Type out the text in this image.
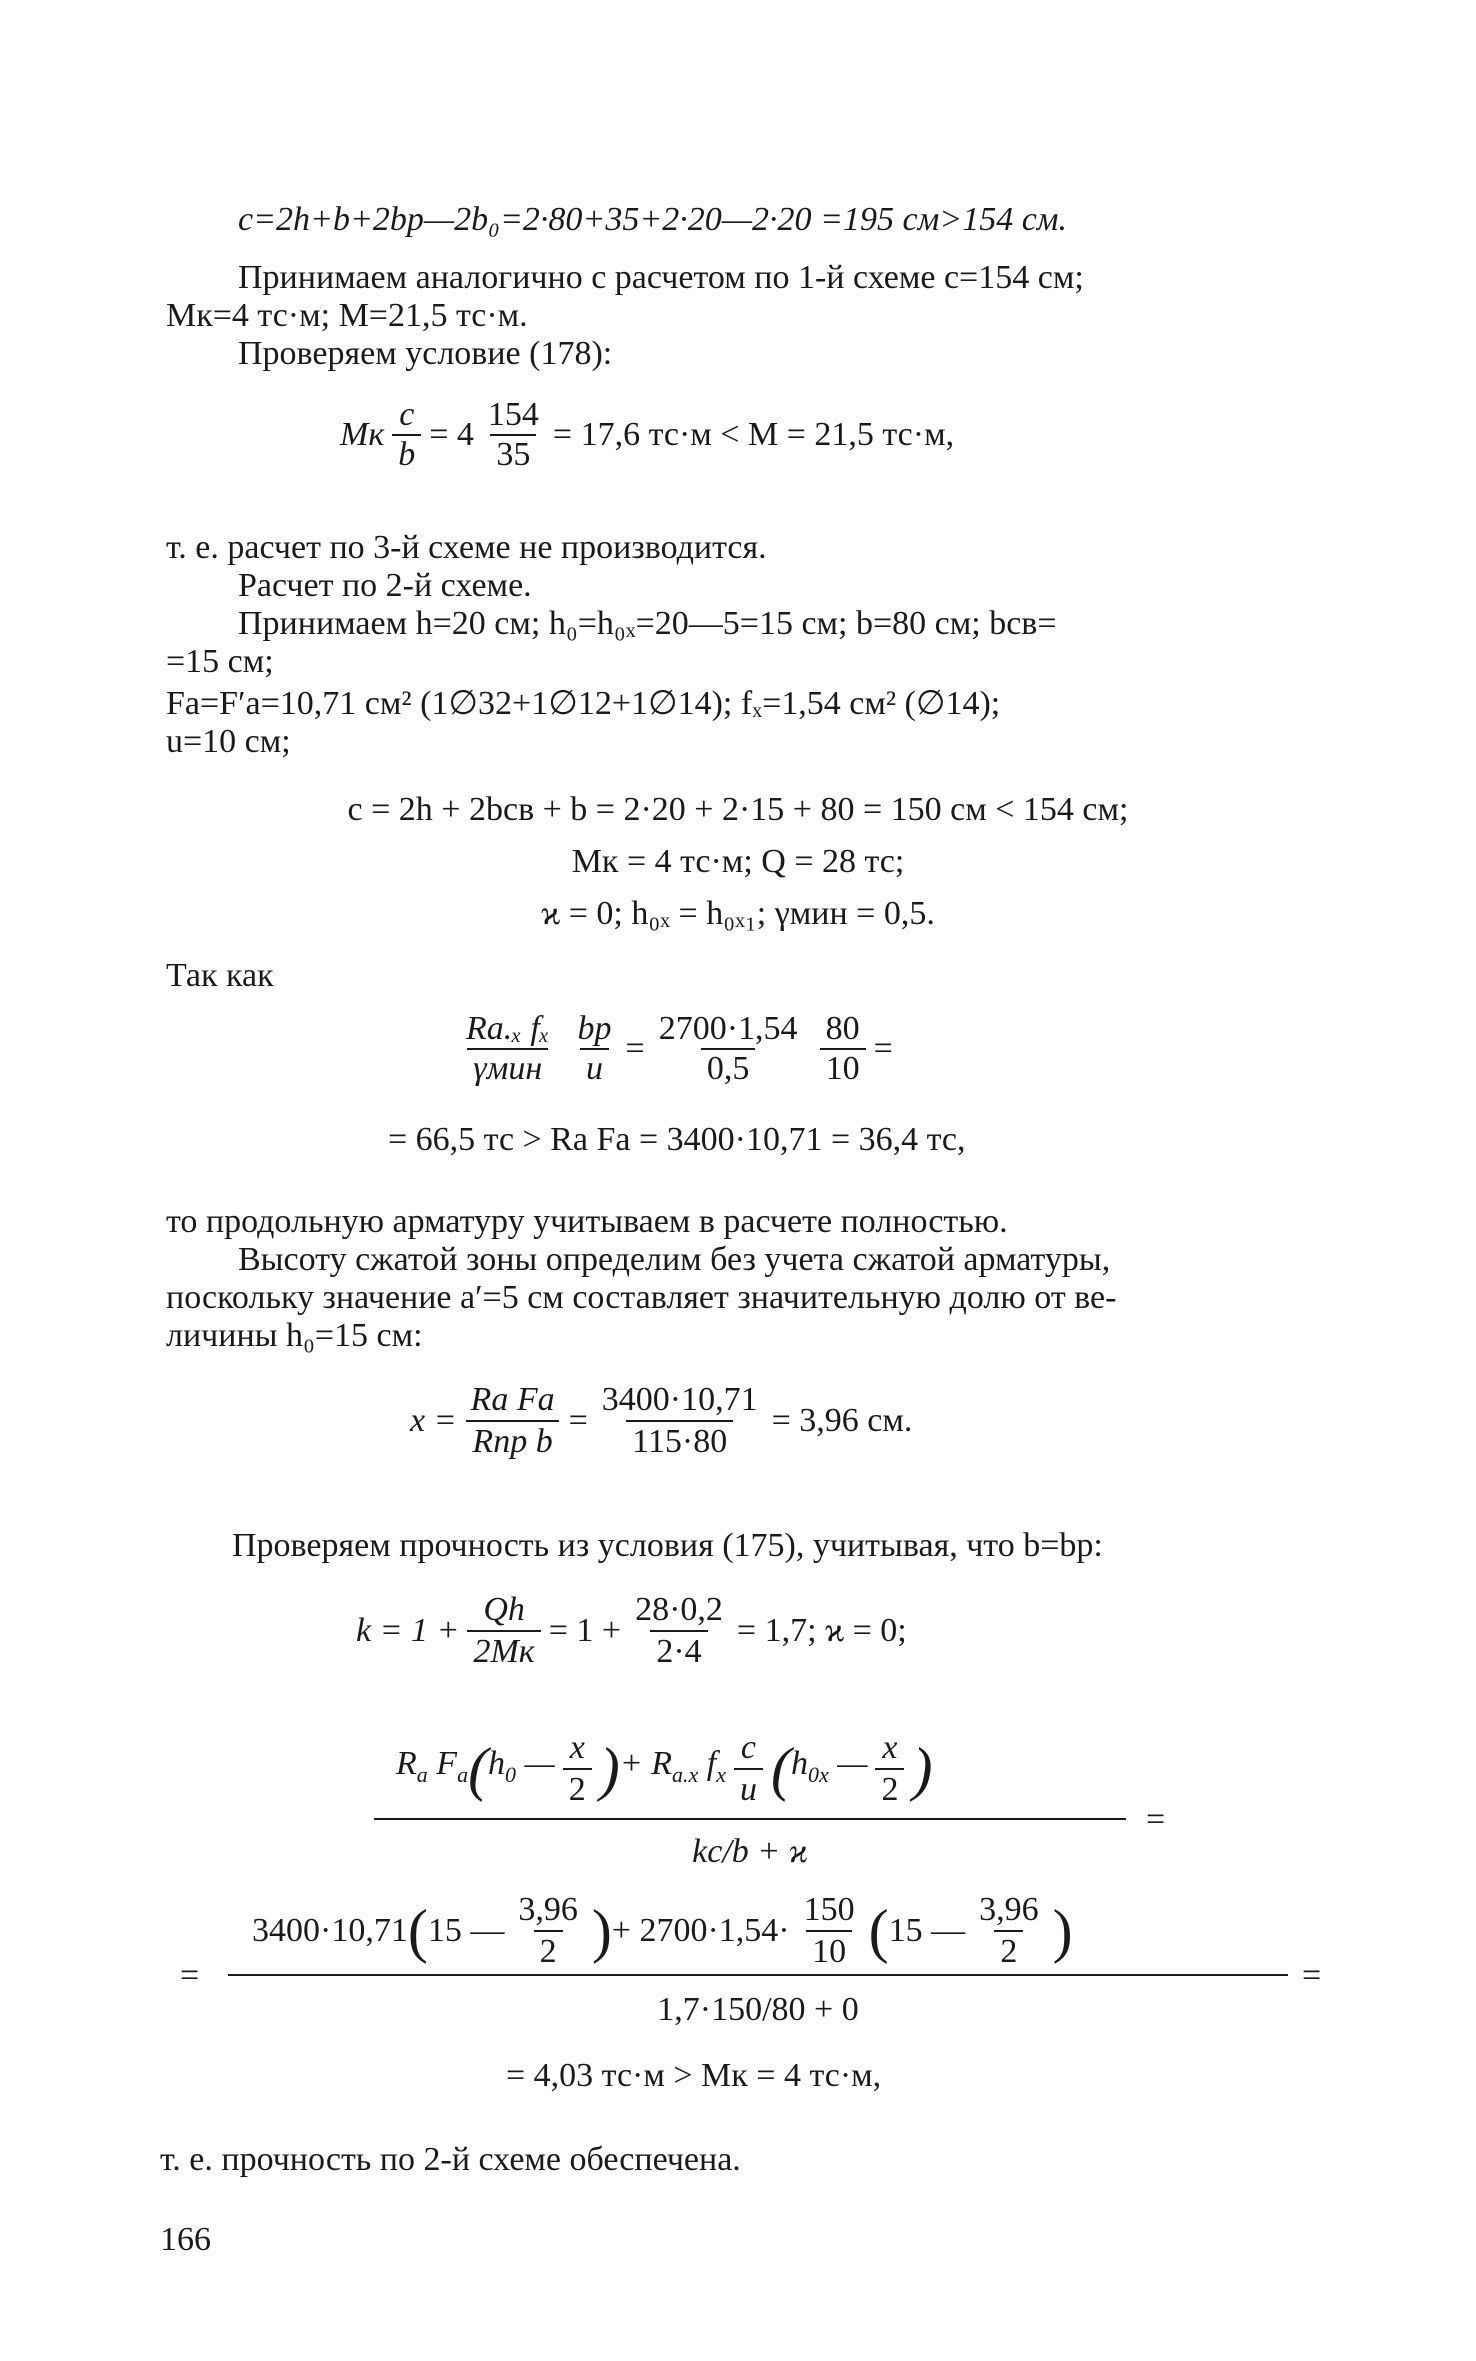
c=2h+b+2bр—2b₀=2·80+35+2·20—2·20 =195 см>154 см.
Принимаем аналогично с расчетом по 1-й схеме c=154 см;
Mк=4 тс·м; M=21,5 тс·м.
Проверяем условие (178):
Mк $\frac{c}{b} = 4 \frac{154}{35} = 17,6$ тс·м < M = 21,5 тс·м,
т. е. расчет по 3-й схеме не производится.
Расчет по 2-й схеме.
Принимаем h=20 см; h₀=h₀ₓ=20—5=15 см; b=80 см; bсв=
=15 см;
Fа=F′а=10,71 см² (1∅32+1∅12+1∅14); fₓ=1,54 см² (∅14);
u=10 см;
c = 2h + 2bсв + b = 2·20 + 2·15 + 80 = 150 см < 154 см;
Mк = 4 тс·м; Q = 28 тс;
ϰ = 0; h₀ₓ = h₀ₓ₁; γмин = 0,5.
Так как
$\frac{\text{Rа.ₓ fₓ}}{\text{γмин}} \frac{bр}{u} = \frac{2700\cdot 1,54}{0,5} \frac{80}{10}$ =
= 66,5 тс > Rа Fа = 3400·10,71 = 36,4 тс,
то продольную арматуру учитываем в расчете полностью.
Высоту сжатой зоны определим без учета сжатой арматуры,
поскольку значение a′=5 см составляет значительную долю от ве-
личины h₀=15 см:
$x = \frac{\text{Rа Fа}}{\text{Rпр b}} = \frac{3400\cdot 10,71}{115\cdot 80} = 3,96$ см.
Проверяем прочность из условия (175), учитывая, что b=bр:
$k = 1 + \frac{Qh}{2Mк} = 1 + \frac{28\cdot 0,2}{2\cdot 4} = 1,7$; ϰ = 0;
$R_а$ $F_а$ ( $h_0$ — $\frac{x}{2}$ ) + $R_{а.х}$ $f_х \frac{c}{u}$ ( $h_{0х}$ — $\frac{x}{2}$ )
=
kc/b + ϰ
=
3400·10,71 ( 15 — $\frac{3,96}{2}$ ) + $2700\cdot 1,54\cdot \frac{150}{10}$ ( 15 — $\frac{3,96}{2}$ )
=
1,7·150/80 + 0
= 4,03 тс·м > Mк = 4 тс·м,
т. е. прочность по 2-й схеме обеспечена.
166
